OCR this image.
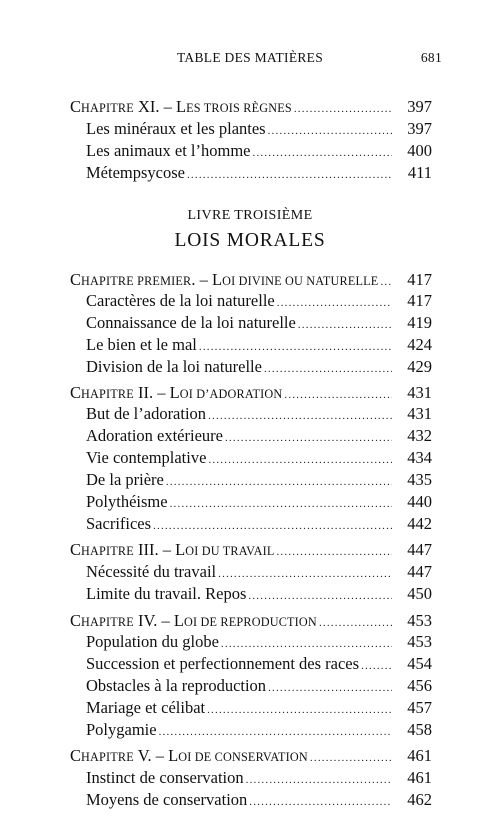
TABLE DES MATIÈRES	681
CHAPITRE XI. – LES TROIS RÈGNES .....	397
Les minéraux et les plantes .....	397
Les animaux et l’homme .....	400
Métempsycose .....	411
LIVRE TROISIÈME
LOIS MORALES
CHAPITRE PREMIER. – LOI DIVINE OU NATURELLE .....	417
Caractères de la loi naturelle .....	417
Connaissance de la loi naturelle .....	419
Le bien et le mal .....	424
Division de la loi naturelle .....	429
CHAPITRE II. – LOI D’ADORATION .....	431
But de l’adoration .....	431
Adoration extérieure .....	432
Vie contemplative .....	434
De la prière .....	435
Polythéisme .....	440
Sacrifices .....	442
CHAPITRE III. – LOI DU TRAVAIL .....	447
Nécessité du travail .....	447
Limite du travail. Repos .....	450
CHAPITRE IV. – LOI DE REPRODUCTION .....	453
Population du globe .....	453
Succession et perfectionnement des races .....	454
Obstacles à la reproduction .....	456
Mariage et célibat .....	457
Polygamie .....	458
CHAPITRE V. – LOI DE CONSERVATION .....	461
Instinct de conservation .....	461
Moyens de conservation .....	462
